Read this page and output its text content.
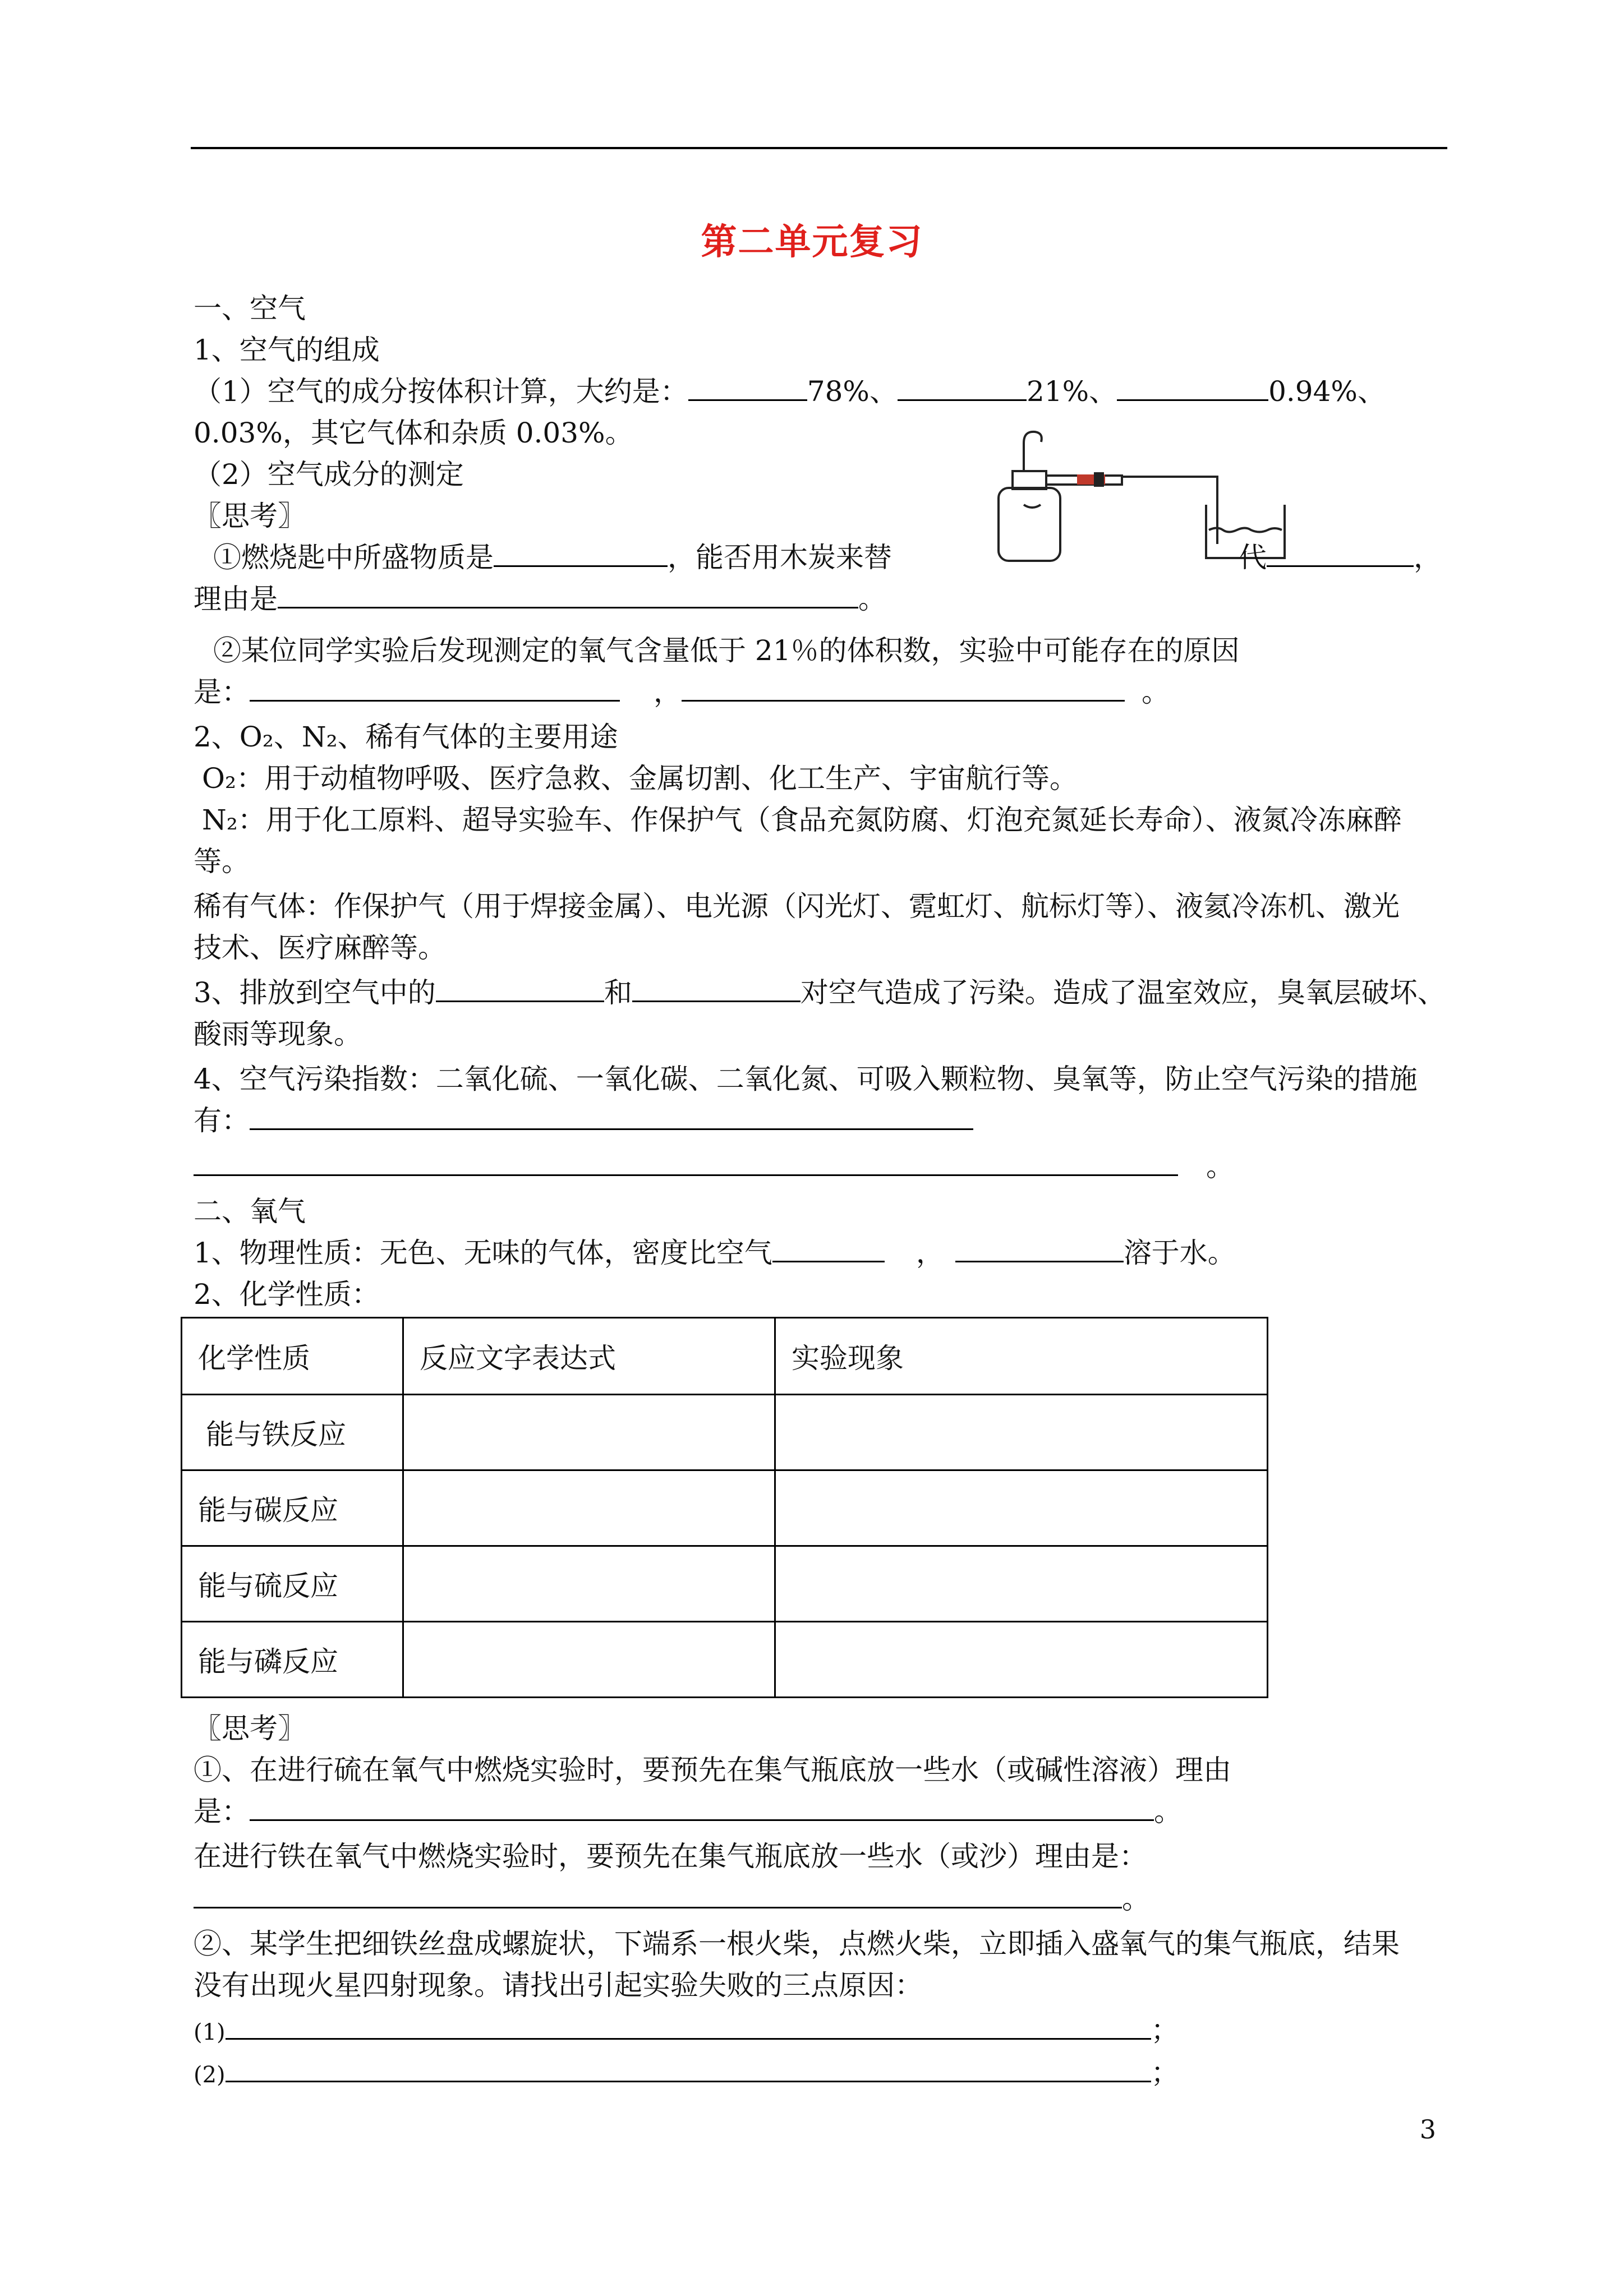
第二单元复习
一、空气
1、空气的组成
（1）空气的成分按体积计算，大约是：	78%、	21%、	0.94%、
0.03%，其它气体和杂质 0.03%。
（2）空气成分的测定
〖思考〗
①燃烧匙中所盛物质是	，能否用木炭来替	代	，
理由是	。
②某位同学实验后发现测定的氧气含量低于 21％的体积数，实验中可能存在的原因
是：	，	。
2、O₂、N₂、稀有气体的主要用途
O₂：用于动植物呼吸、医疗急救、金属切割、化工生产、宇宙航行等。
N₂：用于化工原料、超导实验车、作保护气（食品充氮防腐、灯泡充氮延长寿命）、液氮冷冻麻醉
等。
稀有气体：作保护气（用于焊接金属）、电光源（闪光灯、霓虹灯、航标灯等）、液氦冷冻机、激光
技术、医疗麻醉等。
3、排放到空气中的	和	对空气造成了污染。造成了温室效应，臭氧层破坏、
酸雨等现象。
4、空气污染指数：二氧化硫、一氧化碳、二氧化氮、可吸入颗粒物、臭氧等，防止空气污染的措施
有：
。
二、氧气
1、物理性质：无色、无味的气体，密度比空气	，	溶于水。
2、化学性质：
化学性质	反应文字表达式	实验现象
能与铁反应		
能与碳反应		
能与硫反应		
能与磷反应		
〖思考〗
①、在进行硫在氧气中燃烧实验时，要预先在集气瓶底放一些水（或碱性溶液）理由
是：	。
在进行铁在氧气中燃烧实验时，要预先在集气瓶底放一些水（或沙）理由是：
。
②、某学生把细铁丝盘成螺旋状，下端系一根火柴，点燃火柴，立即插入盛氧气的集气瓶底，结果
没有出现火星四射现象。请找出引起实验失败的三点原因：
(1)	；
(2)	；
3
